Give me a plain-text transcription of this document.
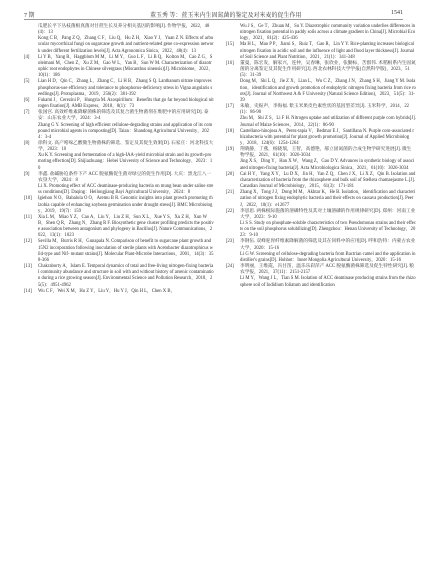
7 期	董玉秀 等：蔗玉米内生固氮菌的鉴定及对米麦的促生作用	1541

瓜肥长平下丛枝菌根真菌对甘蔗生长及养分相关基因的影响[J]. 作物学报，2022，48(4)：13

Kong C B，Pang Z Q，Zhang C F，Liu Q，Hu Z H，Xiao Y J，Yuan Z N. Effects of arbuscular mycorrhizal fungi on sugarcane growth and nutrient-related gene co-expression network under different fertilization levels[J]. Acta Agronomica Sinica，2022，48(4)：13

[4] Li Y B，Yang R，Haggblom M M，Li M Y，Guo L F，Li B Q，Kolton M，Cao Z G，Soleimani M，Chen Z，Xu Z M，Gao W L，Yan B，Sun W M. Characterization of diazotrophic root endophytes in Chinese silvergrass (Miscanthus sinensis)[J]. Microbiome，2022，10(1)：186

[5] Lian H D，Qin C，Zhang L，Zhang C，Li H B，Zhang S Q. Lanthanum nitrate improves phosphorus-use efficiency and tolerance to phosphorus-deficiency stress in Vigna angularis seedlings[J]. Protoplasma，2019，256(2)：381-392

[6] Fukami J，Cerezini P，Hungria M. Azospirillum：Benefits that go far beyond biological nitrogen fixation[J]. AMB Express，2018，8(1)：73

[7] 张国宫. 高效纤维素降解菌株的筛选及其复合菌生物菌剂在堆肥中的应用研究[D]. 泰安：山东农业大学，2024：3-4

Zhang G Y. Screening of high efficient cellulose-degrading strains and application of its compound microbial agents in composting[D]. Taian：Shandong Agricultural University，2024：3-4

[8] 徐科文. 高产吲哚乙酸微生物菌株的筛选、鉴定及其促生效果[D]. 石家庄：河北科技大学，2023：10

Xu K Y. Screening and fermentation of a high-IAA-yield microbial strain and its growth-promoting effection[D]. Shijiazhuang：Hebei University of Science and Technology，2023：10

[9] 李鑫. 盐碱胁迫条件下产 ACC 脱氨酶促生菌对绿豆的促生作用[D]. 大庆：黑龙江八一农垦大学，2024：8

Li X. Promoting effect of ACC deaminase-producing bacteria on mung bean under saline stress conditions[D]. Daqing：Heilongjiang Bayi Agricultural University，2024：8

[10] Igiehon N O，Babalola O O，Aremu B R. Genomic insights into plant growth promoting rhizobia capable of enhancing soybean germination under drought stress[J]. BMC Microbiology，2019，19(7)：159

[11] Xia L M，Miao Y Z，Cao A，Liu Y，Liu Z H，Sun X L，Xue Y S，Xu Z H，Xun W B，Shen Q R，Zhang N，Zhang R F. Biosynthetic gene cluster profiling predicts the positive association between antagonism and phylogeny in Bacillus[J]. Nature Communications，2022，13(1)：1023

[12] Sevilla M，Burris R H，Gunapala N. Comparison of benefit to sugarcane plant growth and 15N2 incorporation following inoculation of sterile plants with Acetobacter diazotrophicus wild-type and Nif- mutant strains[J]. Molecular Plant-Microbe Interactions，2001，14(3)：358-366

[13] Chakraborty A，Islam E. Temporal dynamics of total and free-living nitrogen-fixing bacterial community abundance and structure in soil with and without history of arsenic contamination during a rice growing season[J]. Environmental Science and Pollution Research，2018，25(5)：4951-4962

[14] Wu C F，Wei X M，Hu Z Y，Liu Y，Hu Y J，Qin H L，Chen X B，

Wu J S，Ge T，Zhuan M，Su Y. Diazotrophic community variation underlies differences in nitrogen fixation potential in paddy soils across a climate gradient in China[J]. Microbial Ecology，2021，81(2)：425-436

[15] Ma H L，Mao P P，Jiarui S，Ruiz T，Gao R，Lin Y Y. Rice-planting increases biological nitrogen fixation in acidic soil and the influence of light and flood layer thickness[J]. Journal of Soil Science and Plant Nutrition，2021，21(1)：341-348

[16] 董曼，陈宏发，解家兴，连仲，吴春琳，张欣业，张勤标，苦群伟. 术稻根系内生固氮菌的分离鉴定及其促生作用研究[J]. 西北农林科技大学学报(自然科学版)，2023，51(5)：31-39

Dong M，Shi L Q，Jie Z X，Lian L，Wu C Z，Zhang J N，Zhang S H，Jiang Y M. Isolation，identification and growth promotion of endophytic nitrogen fixing bacteria from rice roots[J]. Journal of Northwest A & F University (Natural Science Edition)，2023，51(5)：31-39

[17] 朱敏，史振声，李海福. 紫玉米果皮色素性状的基因型差异[J]. 玉米科学，2014，22(1)：86-90

Zhu M，Shi Z S，Li F H. Nitrogen uptake and utilization of different purple corn hybrids[J]. Journal of Maize Sciences，2014，22(1)：86-90

[18] Castellano-hinojosa A，Perez-tapia V，Bedmar E J，Santillana N. Purple corn-associated rhizobacteria with potential for plant growth promotion[J]. Journal of Applied Microbiology，2018，124(6)：1254-1264

[19] 荆晓静，丁燕，杨晓瑞，王智，高德艳，郝立固氮菌的合成生物学研究进展[J]. 微生物学报，2021，61(10)：3026-3034

Jing X S，Ding Y，Han X W，Wang Z，Gao D Y. Advances in synthetic biology of associated nitrogen-fixing bacteria[J]. Acta Microbiologica Sinica，2021，61(10)：3026-3034

[20] Cai H Y，Yang X Y，Lu D X，Jin H，Yan Z Q，Chen J X，Li X Z，Qin B. Isolation and characterization of bacteria from the rhizosphere and bulk soil of Stellera chamaejasme L.[J]. Canadian Journal of Microbiology，2015，61(3)：171-181

[21] Zhang X，Tong J J，Dong M M，Akhtar K，He B. Isolation，identification and characterization of nitrogen fixing endophytic bacteria and their effects on cassava production[J]. PeerJ，2022，10(1)：e12677

[22] 李思思. 两株根际施菌的溶磷特性及其对土壤溶磷的作用规律研究[D]. 郑州：河南工业大学，2023：9-10

Li S S. Study on phosphate-soluble characteristics of two Pseudomonas strains and their effects on the soil phosphorus solubilizing[D]. Zhengzhou：Henan University of Technology，2023：9-10

[23] 李钢伍. 双峰驼胃纤维素降解菌的筛选及其在饲料中的应用[D]. 呼和浩特：内蒙古农业大学，2020：15-16

Li G W. Screening of cellulose-degrading bacteria from Bactrian camel and the application in distiller's grains[D]. Hohhot：Inner Mongolia Agricultural University，2020：15-16

[24] 李明丽，王维霞，冯甘笛，温乐乐彩萍产 ACC 脱氨酶菌株筛选及促生特性研究[J]. 粮农学报，2021，37(11)：2151-2157

Li M Y，Wang J L，Tian S M. Isolation of ACC deaminase producing strains from the rhizosphere soil of Iodidium foliatum and identification
